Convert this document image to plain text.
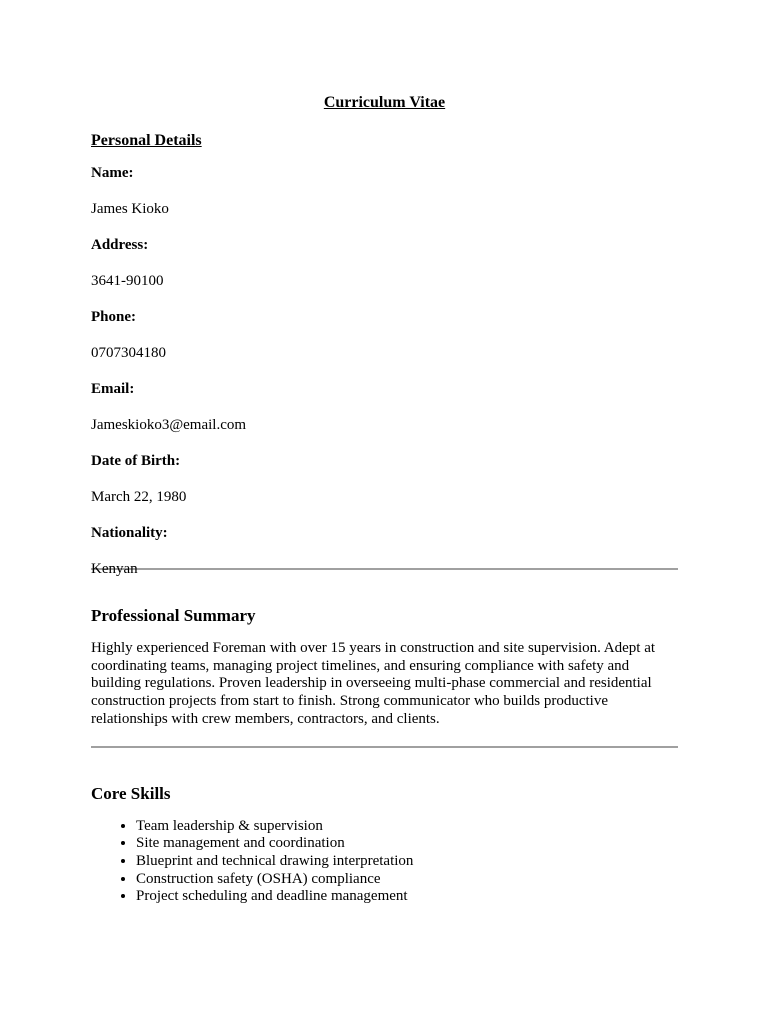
Curriculum Vitae
Personal Details

Name:

James Kioko

Address:

3641-90100

Phone:

0707304180

Email:

Jameskioko3@email.com

Date of Birth:

March 22, 1980

Nationality:

Kenyan

Professional Summary

Highly experienced Foreman with over 15 years in construction and site supervision. Adept at coordinating teams, managing project timelines, and ensuring compliance with safety and building regulations. Proven leadership in overseeing multi-phase commercial and residential construction projects from start to finish. Strong communicator who builds productive relationships with crew members, contractors, and clients.

Core Skills
• Team leadership & supervision
• Site management and coordination
• Blueprint and technical drawing interpretation
• Construction safety (OSHA) compliance
• Project scheduling and deadline management
